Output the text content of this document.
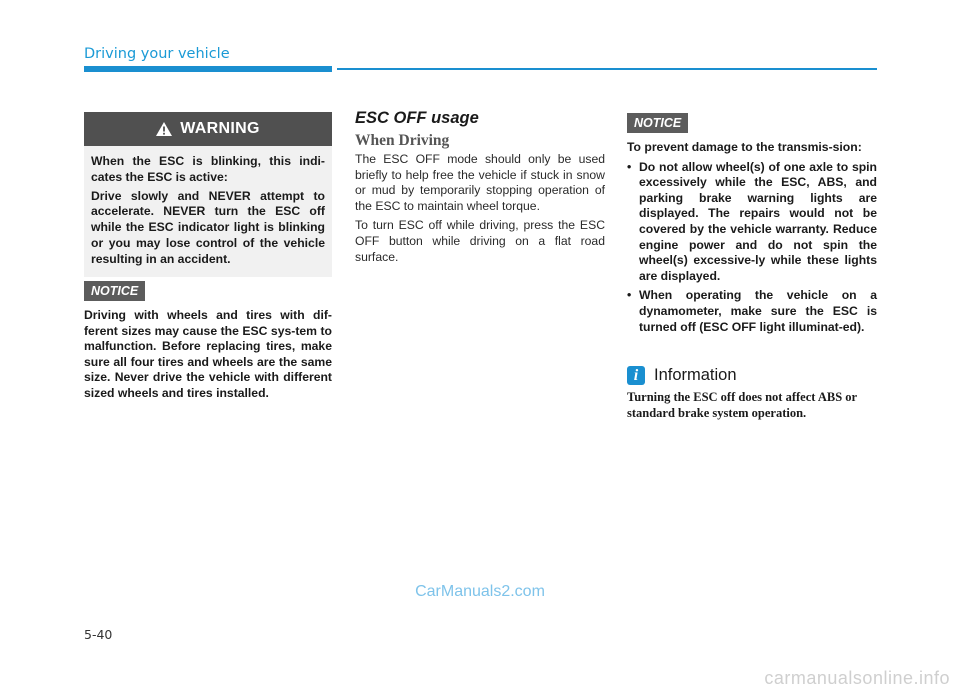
Driving your vehicle
WARNING

When the ESC is blinking, this indi-cates the ESC is active:

Drive slowly and NEVER attempt to accelerate. NEVER turn the ESC off while the ESC indicator light is blinking or you may lose control of the vehicle resulting in an accident.

NOTICE
Driving with wheels and tires with dif-ferent sizes may cause the ESC sys-tem to malfunction. Before replacing tires, make sure all four tires and wheels are the same size. Never drive the vehicle with different sized wheels and tires installed.
ESC OFF usage
When Driving

The ESC OFF mode should only be used briefly to help free the vehicle if stuck in snow or mud by temporarily stopping operation of the ESC to maintain wheel torque.

To turn ESC off while driving, press the ESC OFF button while driving on a flat road surface.

NOTICE

To prevent damage to the transmis-sion:

• Do not allow wheel(s) of one axle to spin excessively while the ESC, ABS, and parking brake warning lights are displayed. The repairs would not be covered by the vehicle warranty. Reduce engine power and do not spin the wheel(s) excessive-ly while these lights are displayed.
• When operating the vehicle on a dynamometer, make sure the ESC is turned off (ESC OFF light illuminat-ed).
i Information
Turning the ESC off does not affect ABS or standard brake system operation.
CarManuals2.com
5-40
carmanualsonline.info
